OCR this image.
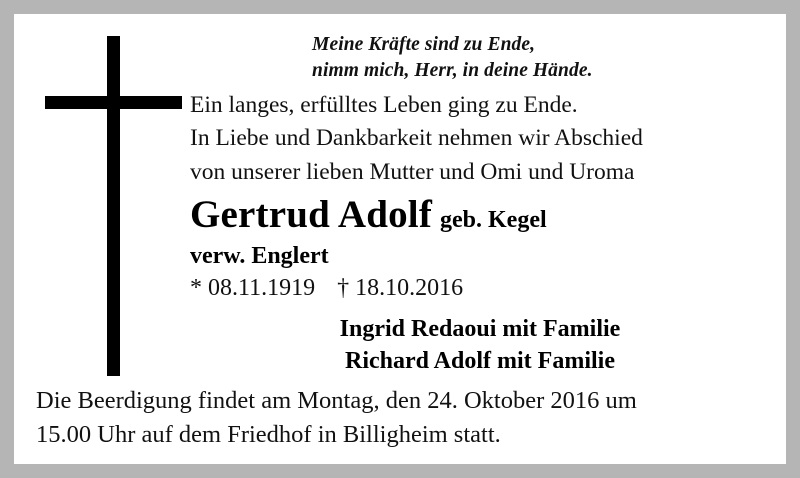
Meine Kräfte sind zu Ende,
nimm mich, Herr, in deine Hände.
Ein langes, erfülltes Leben ging zu Ende.
In Liebe und Dankbarkeit nehmen wir Abschied
von unserer lieben Mutter und Omi und Uroma
Gertrud Adolf geb. Kegel
verw. Englert
* 08.11.1919 † 18.10.2016
Ingrid Redaoui mit Familie
Richard Adolf mit Familie
Die Beerdigung findet am Montag, den 24. Oktober 2016 um
15.00 Uhr auf dem Friedhof in Billigheim statt.
